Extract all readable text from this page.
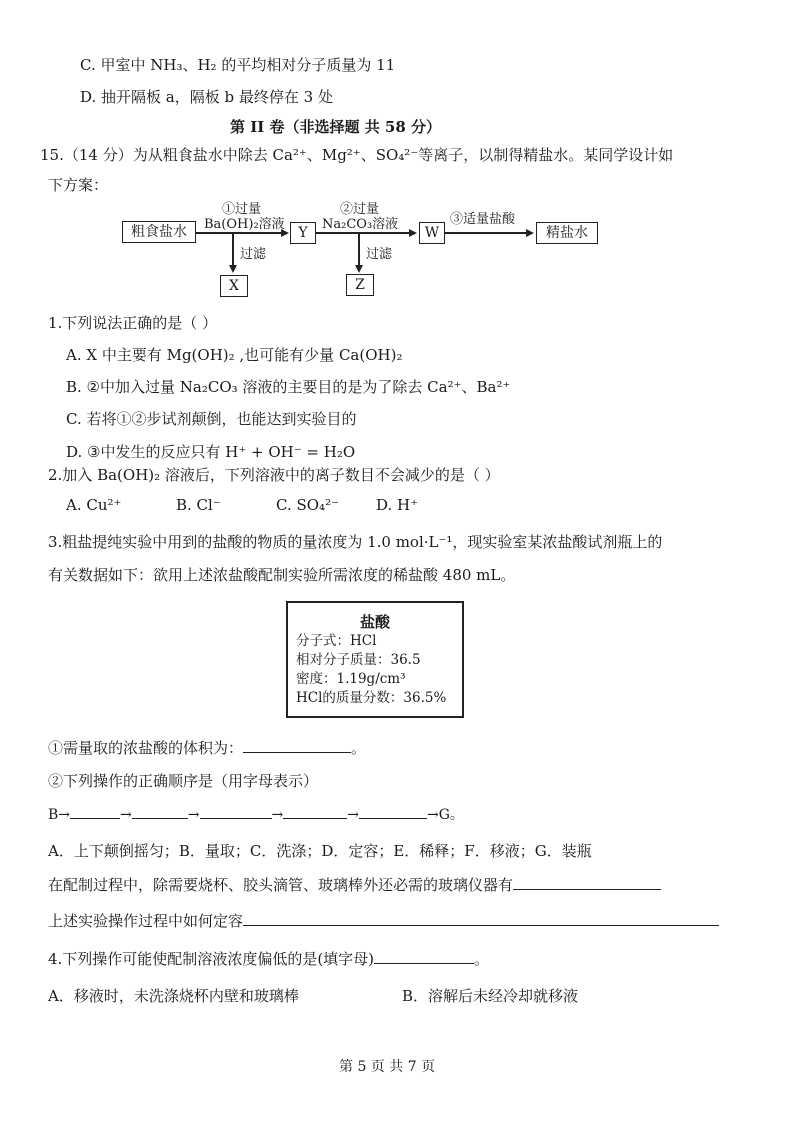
C. 甲室中 NH₃、H₂ 的平均相对分子质量为 11
D. 抽开隔板 a，隔板 b 最终停在 3 处
第 II 卷（非选择题 共 58 分）
15.（14 分）为从粗食盐水中除去 Ca²⁺、Mg²⁺、SO₄²⁻等离子，以制得精盐水。某同学设计如
下方案：
粗食盐水
①过量
Ba(OH)₂溶液
Y
②过量
Na₂CO₃溶液
W
③适量盐酸
精盐水
过滤
X
过滤
Z
1.下列说法正确的是（ ）
A. X 中主要有 Mg(OH)₂ ,也可能有少量 Ca(OH)₂
B. ②中加入过量 Na₂CO₃ 溶液的主要目的是为了除去 Ca²⁺、Ba²⁺
C. 若将①②步试剂颠倒，也能达到实验目的
D. ③中发生的反应只有 H⁺ + OH⁻ = H₂O
2.加入 Ba(OH)₂ 溶液后，下列溶液中的离子数目不会减少的是（ ）
A. Cu²⁺	B. Cl⁻	C. SO₄²⁻ D. H⁺
3.粗盐提纯实验中用到的盐酸的物质的量浓度为 1.0 mol·L⁻¹，现实验室某浓盐酸试剂瓶上的
有关数据如下：欲用上述浓盐酸配制实验所需浓度的稀盐酸 480 mL。
盐酸
分子式：HCl
相对分子质量：36.5
密度：1.19g/cm³
HCl的质量分数：36.5%
①需量取的浓盐酸的体积为：	。
②下列操作的正确顺序是（用字母表示）
B→	→	→	→	→	→G。
A．上下颠倒摇匀；B．量取；C．洗涤；D．定容；E．稀释；F．移液；G．装瓶
在配制过程中，除需要烧杯、胶头滴管、玻璃棒外还必需的玻璃仪器有
上述实验操作过程中如何定容
4.下列操作可能使配制溶液浓度偏低的是(填字母)	。
A．移液时，未洗涤烧杯内壁和玻璃棒	B．溶解后未经冷却就移液
第 5 页 共 7 页
